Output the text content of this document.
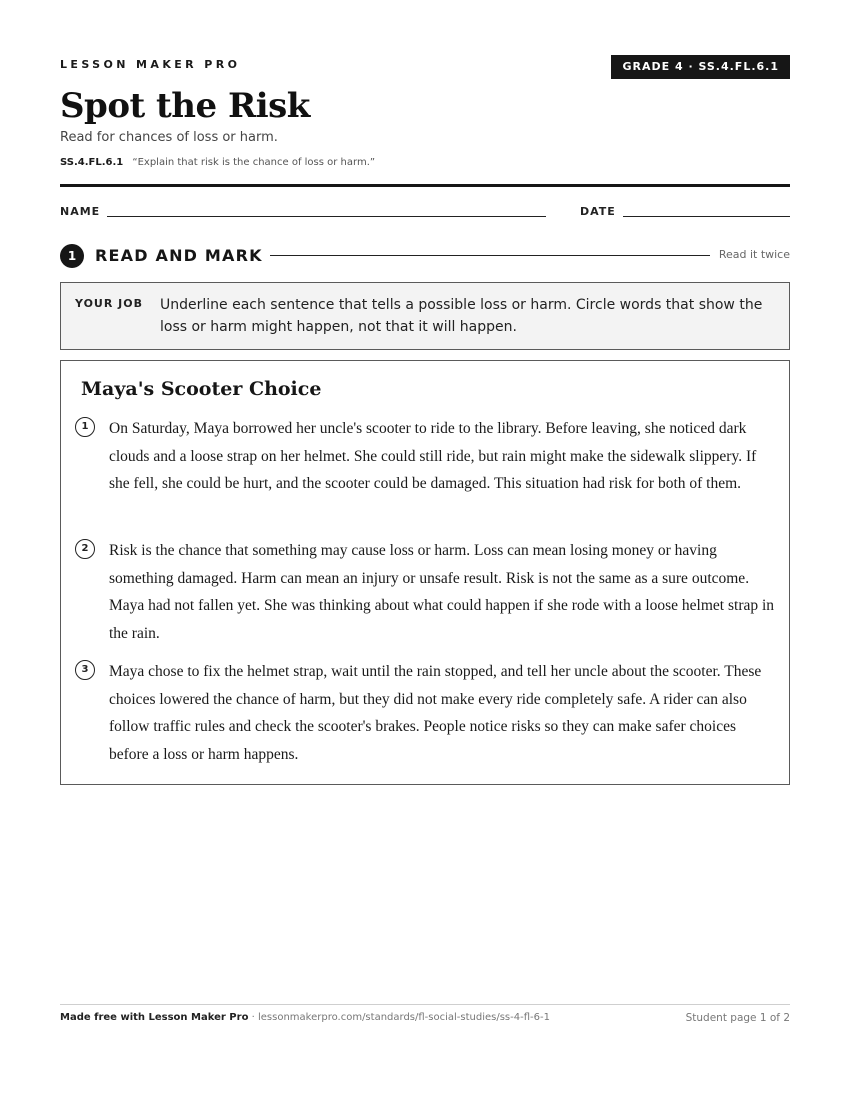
LESSON MAKER PRO	GRADE 4 · SS.4.FL.6.1
Spot the Risk
Read for chances of loss or harm.
SS.4.FL.6.1 “Explain that risk is the chance of loss or harm.”
NAME	DATE
1	READ AND MARK	Read it twice
YOUR JOB Underline each sentence that tells a possible loss or harm. Circle words that show the loss or harm might happen, not that it will happen.
Maya's Scooter Choice
1	On Saturday, Maya borrowed her uncle's scooter to ride to the library. Before leaving, she noticed dark clouds and a loose strap on her helmet. She could still ride, but rain might make the sidewalk slippery. If she fell, she could be hurt, and the scooter could be damaged. This situation had risk for both of them.
2	Risk is the chance that something may cause loss or harm. Loss can mean losing money or having something damaged. Harm can mean an injury or unsafe result. Risk is not the same as a sure outcome. Maya had not fallen yet. She was thinking about what could happen if she rode with a loose helmet strap in the rain.
3	Maya chose to fix the helmet strap, wait until the rain stopped, and tell her uncle about the scooter. These choices lowered the chance of harm, but they did not make every ride completely safe. A rider can also follow traffic rules and check the scooter's brakes. People notice risks so they can make safer choices before a loss or harm happens.
Made free with Lesson Maker Pro · lessonmakerpro.com/standards/fl-social-studies/ss-4-fl-6-1	Student page 1 of 2
